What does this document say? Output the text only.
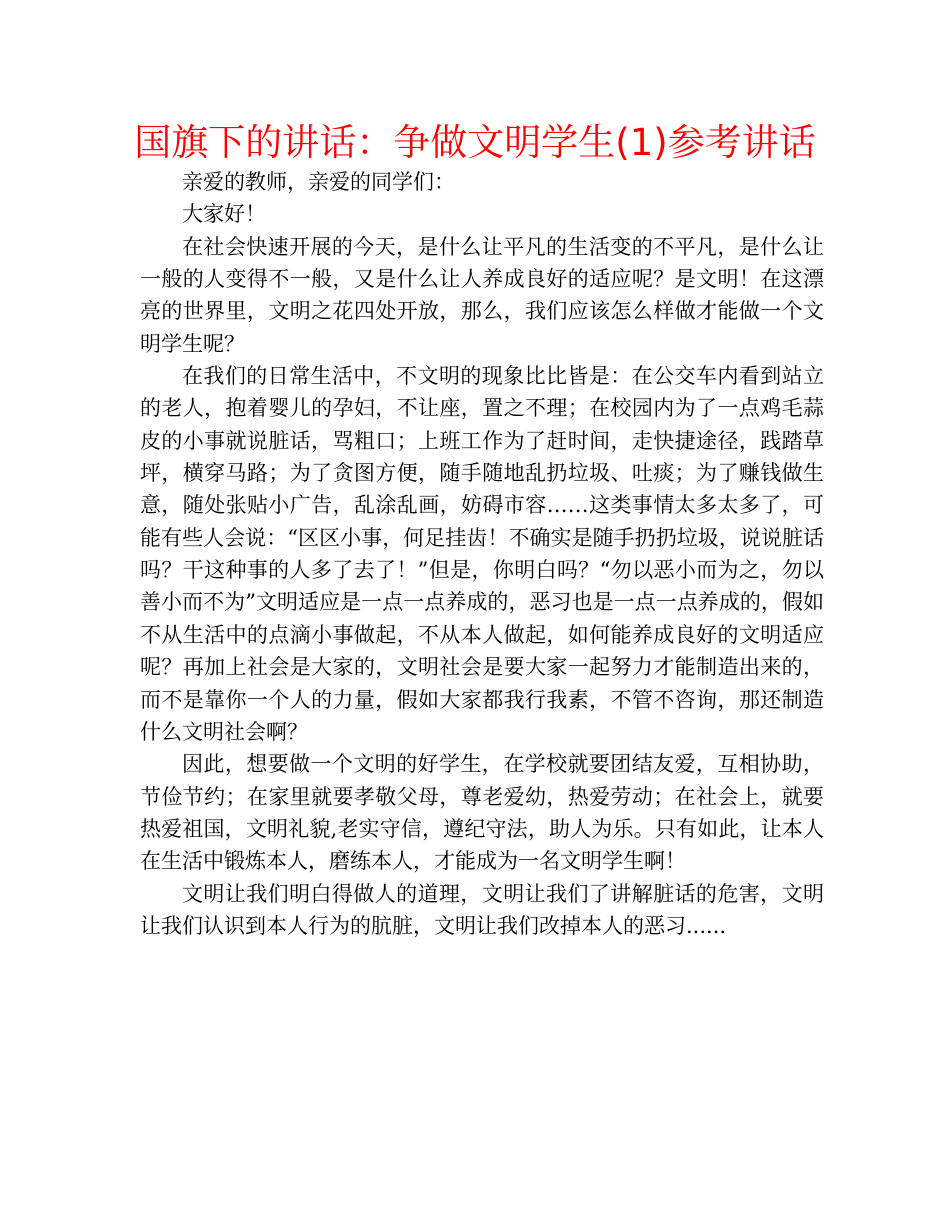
国旗下的讲话：争做文明学生(1)参考讲话

亲爱的教师，亲爱的同学们：

大家好！

在社会快速开展的今天，是什么让平凡的生活变的不平凡，是什么让一般的人变得不一般，又是什么让人养成良好的适应呢？是文明！在这漂亮的世界里，文明之花四处开放，那么，我们应该怎么样做才能做一个文明学生呢？

在我们的日常生活中，不文明的现象比比皆是：在公交车内看到站立的老人，抱着婴儿的孕妇，不让座，置之不理；在校园内为了一点鸡毛蒜皮的小事就说脏话，骂粗口；上班工作为了赶时间，走快捷途径，践踏草坪，横穿马路；为了贪图方便，随手随地乱扔垃圾、吐痰；为了赚钱做生意，随处张贴小广告，乱涂乱画，妨碍市容……这类事情太多太多了，可能有些人会说：“区区小事，何足挂齿！不确实是随手扔扔垃圾，说说脏话吗？干这种事的人多了去了！”但是，你明白吗？“勿以恶小而为之，勿以善小而不为”文明适应是一点一点养成的，恶习也是一点一点养成的，假如不从生活中的点滴小事做起，不从本人做起，如何能养成良好的文明适应呢？再加上社会是大家的，文明社会是要大家一起努力才能制造出来的，而不是靠你一个人的力量，假如大家都我行我素，不管不咨询，那还制造什么文明社会啊？

因此，想要做一个文明的好学生，在学校就要团结友爱，互相协助，节俭节约；在家里就要孝敬父母，尊老爱幼，热爱劳动；在社会上，就要热爱祖国，文明礼貌,老实守信，遵纪守法，助人为乐。只有如此，让本人在生活中锻炼本人，磨练本人，才能成为一名文明学生啊！

文明让我们明白得做人的道理，文明让我们了讲解脏话的危害，文明让我们认识到本人行为的肮脏，文明让我们改掉本人的恶习......
